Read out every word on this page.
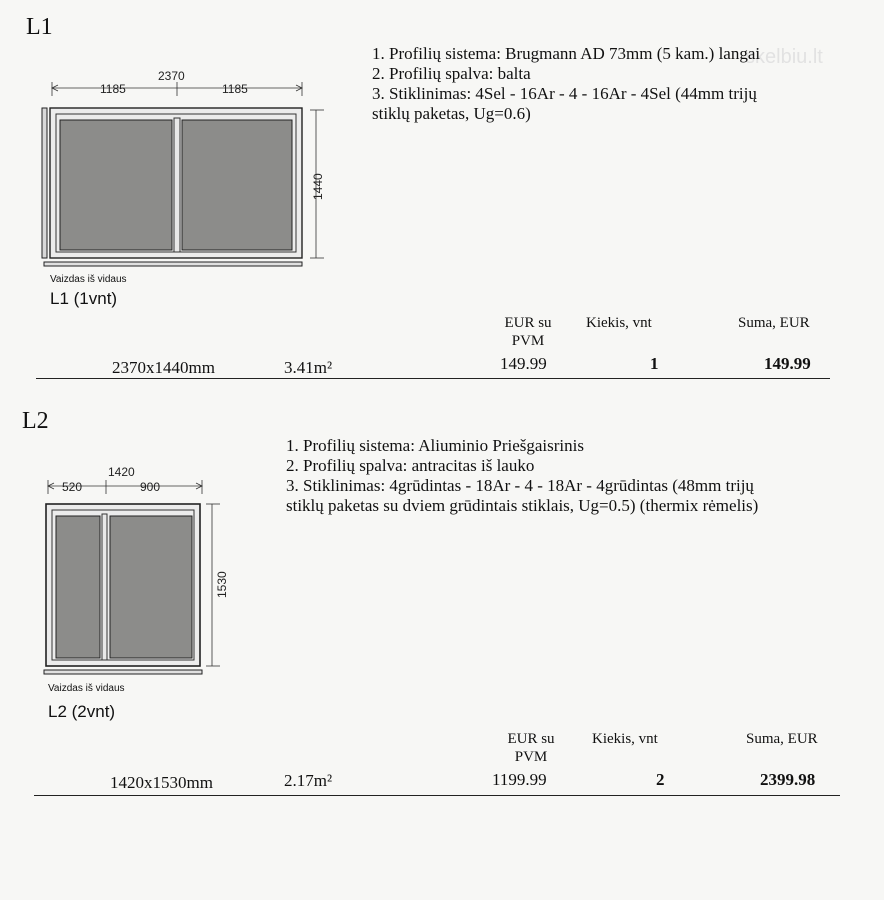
skelbiu.lt
L1
1. Profilių sistema: Brugmann AD 73mm (5 kam.) langai
2. Profilių spalva: balta
3. Stiklinimas: 4Sel - 16Ar - 4 - 16Ar - 4Sel (44mm trijų
stiklų paketas, Ug=0.6)
2370
1185	1185
1440
Vaizdas iš vidaus
L1 (1vnt)
EUR su PVM
Kiekis, vnt	Suma, EUR
2370x1440mm	3.41m²	149.99	1	149.99
L2
1. Profilių sistema: Aliuminio Priešgaisrinis
2. Profilių spalva: antracitas iš lauko
3. Stiklinimas: 4grūdintas - 18Ar - 4 - 18Ar - 4grūdintas (48mm trijų
stiklų paketas su dviem grūdintais stiklais, Ug=0.5) (thermix rėmelis)
1420
520	900
1530
Vaizdas iš vidaus
L2 (2vnt)
EUR su PVM
Kiekis, vnt	Suma, EUR
1420x1530mm	2.17m²	1199.99	2	2399.98
